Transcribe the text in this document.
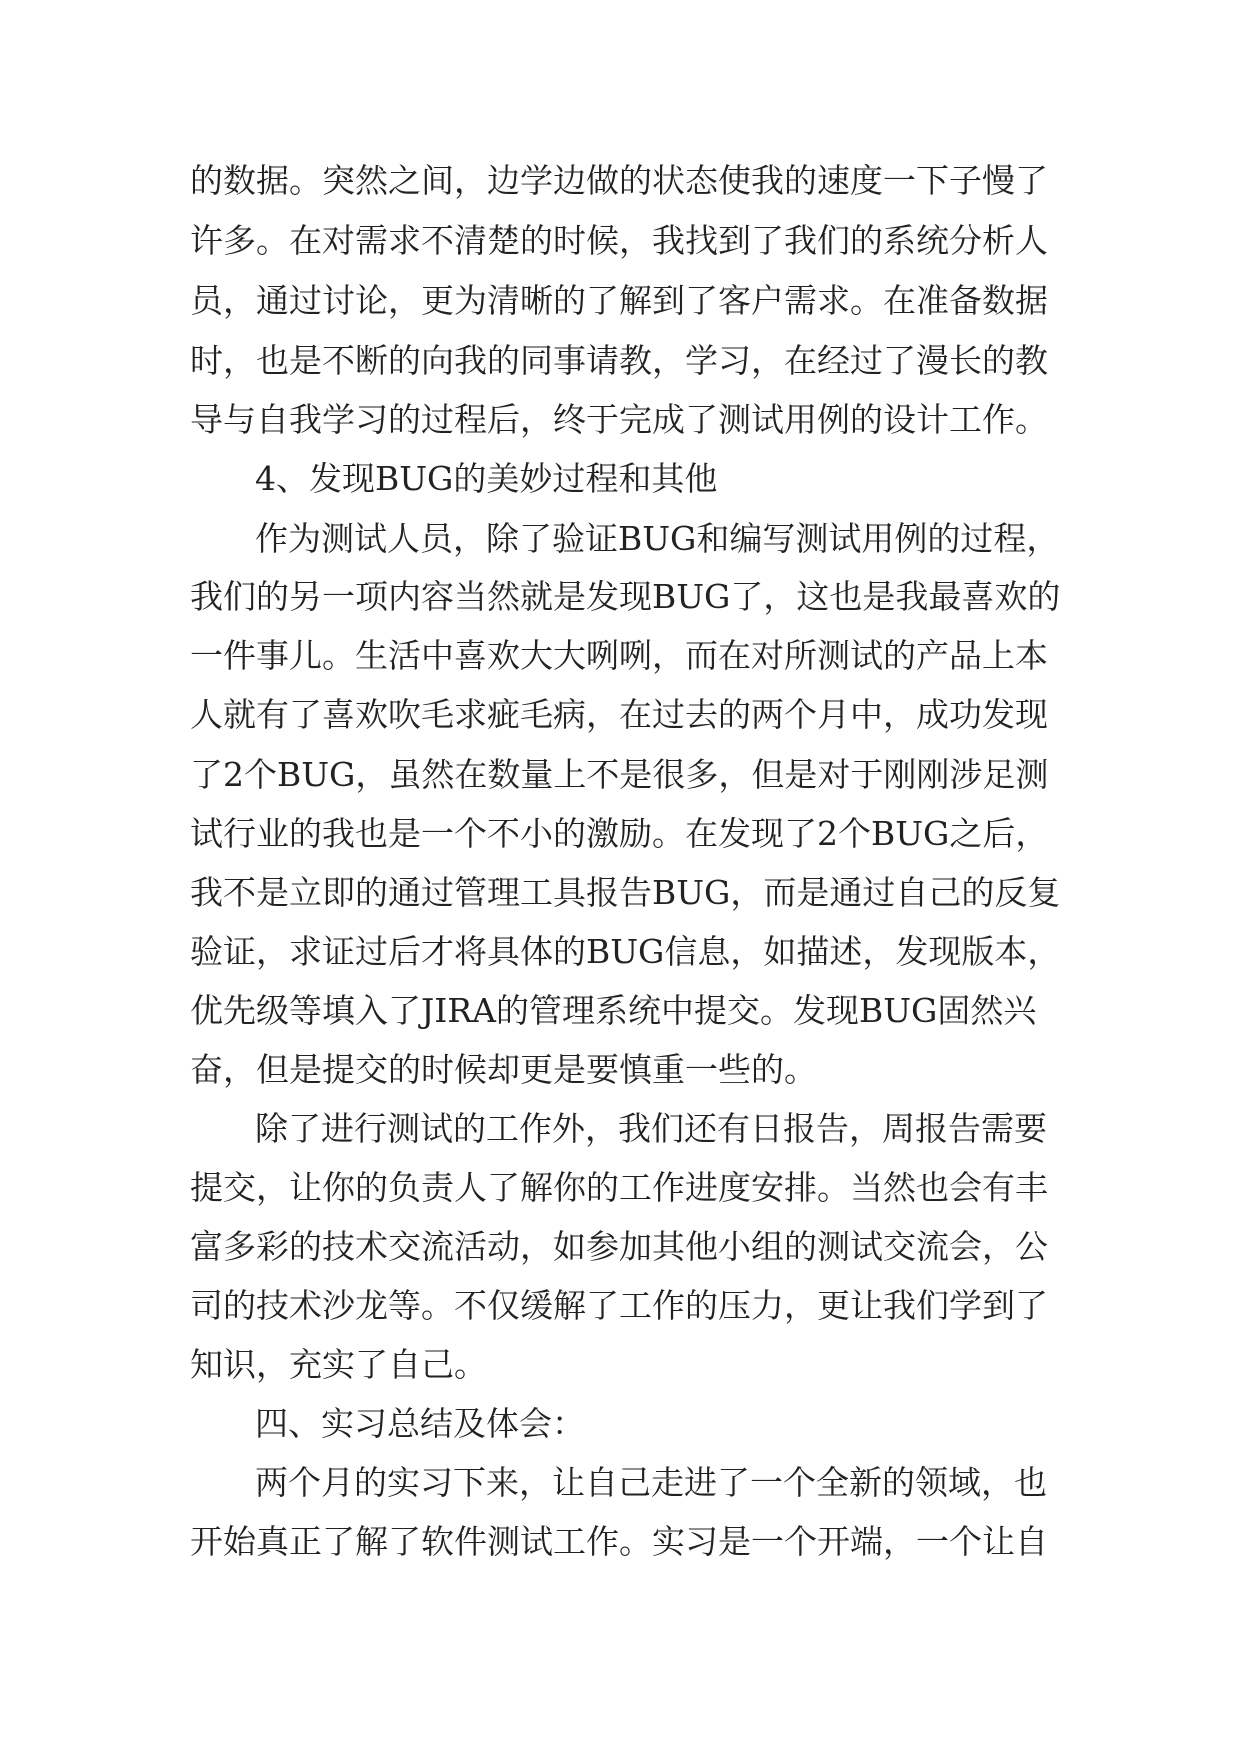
的数据。突然之间，边学边做的状态使我的速度一下子慢了

许多。在对需求不清楚的时候，我找到了我们的系统分析人

员，通过讨论，更为清晰的了解到了客户需求。在准备数据

时，也是不断的向我的同事请教，学习，在经过了漫长的教

导与自我学习的过程后，终于完成了测试用例的设计工作。

4、发现BUG的美妙过程和其他

作为测试人员，除了验证BUG和编写测试用例的过程，

我们的另一项内容当然就是发现BUG了，这也是我最喜欢的

一件事儿。生活中喜欢大大咧咧，而在对所测试的产品上本

人就有了喜欢吹毛求疵毛病，在过去的两个月中，成功发现

了2个BUG，虽然在数量上不是很多，但是对于刚刚涉足测

试行业的我也是一个不小的激励。在发现了2个BUG之后，

我不是立即的通过管理工具报告BUG，而是通过自己的反复

验证，求证过后才将具体的BUG信息，如描述，发现版本，

优先级等填入了JIRA的管理系统中提交。发现BUG固然兴

奋，但是提交的时候却更是要慎重一些的。

除了进行测试的工作外，我们还有日报告，周报告需要

提交，让你的负责人了解你的工作进度安排。当然也会有丰

富多彩的技术交流活动，如参加其他小组的测试交流会，公

司的技术沙龙等。不仅缓解了工作的压力，更让我们学到了

知识，充实了自己。

四、实习总结及体会：

两个月的实习下来，让自己走进了一个全新的领域，也

开始真正了解了软件测试工作。实习是一个开端，一个让自
